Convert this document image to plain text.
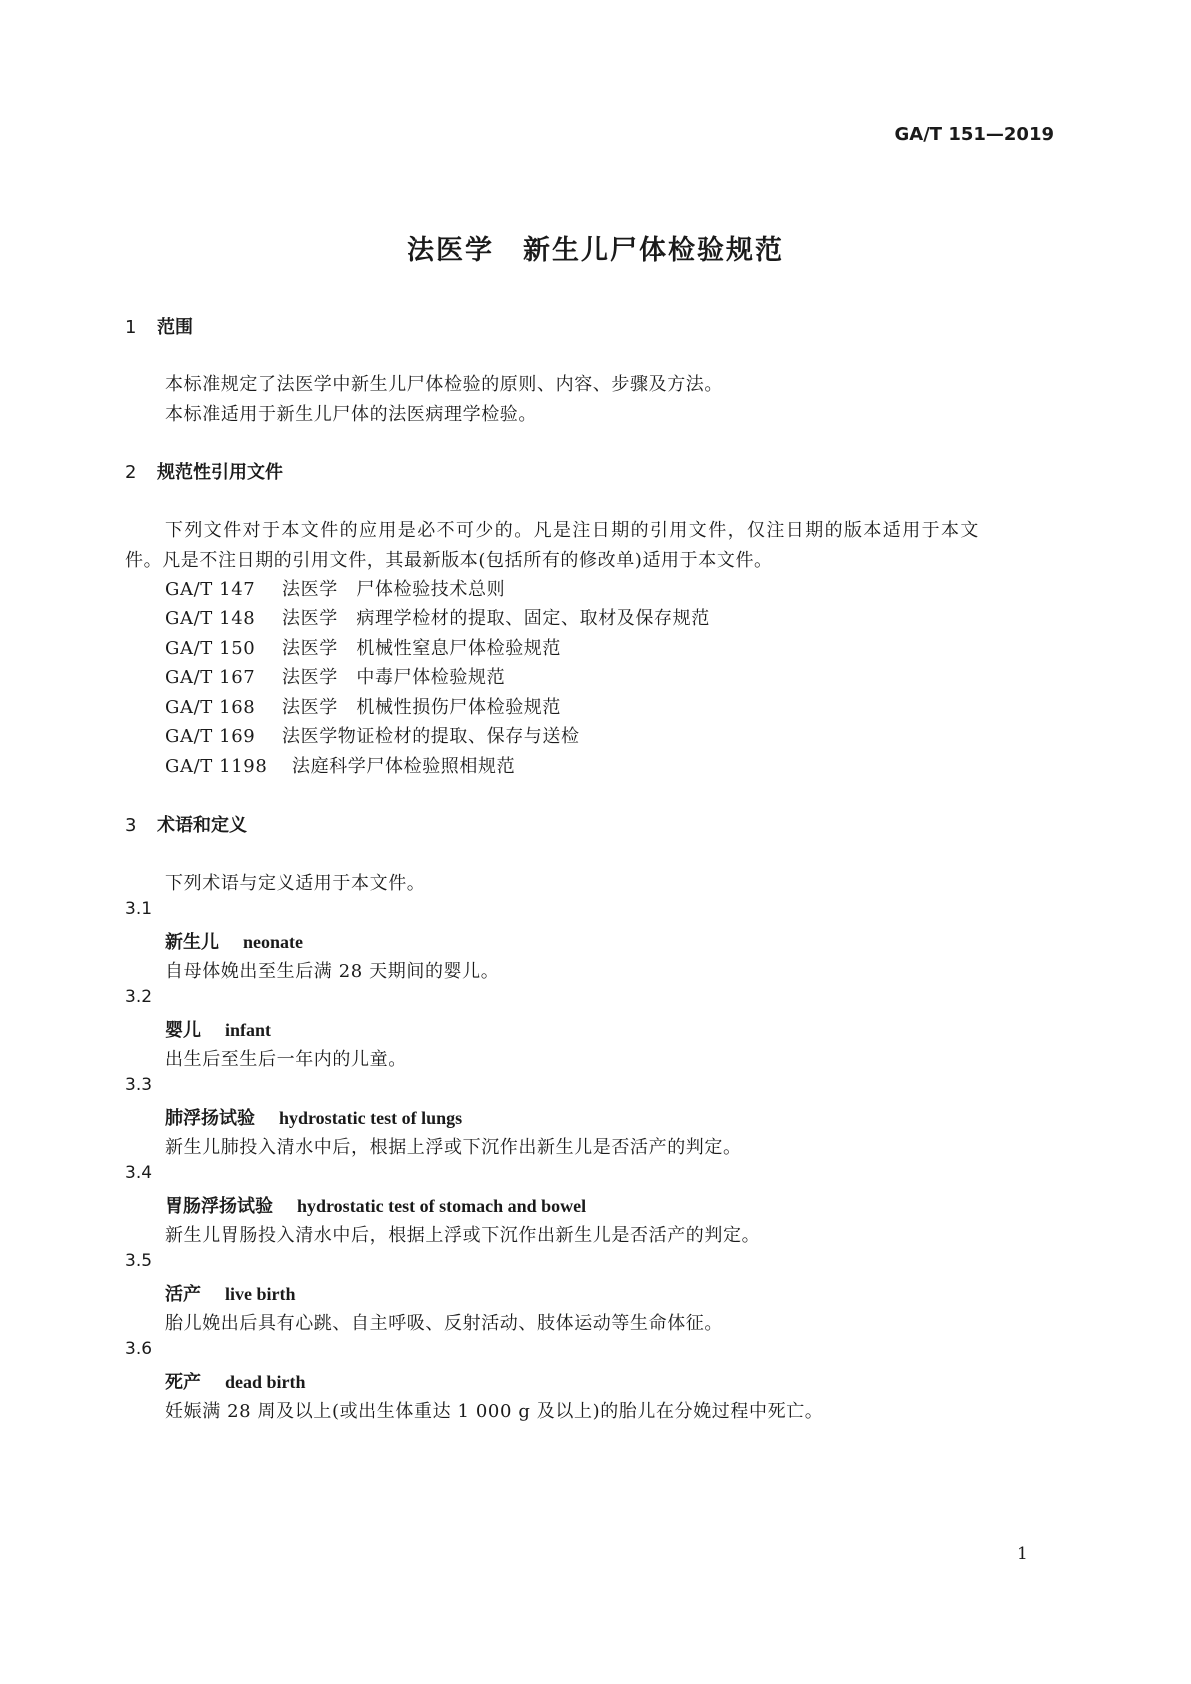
GA/T 151—2019
法医学　新生儿尸体检验规范
1 范围
本标准规定了法医学中新生儿尸体检验的原则、内容、步骤及方法。
本标准适用于新生儿尸体的法医病理学检验。
2 规范性引用文件
下列文件对于本文件的应用是必不可少的。凡是注日期的引用文件，仅注日期的版本适用于本文
件。凡是不注日期的引用文件，其最新版本(包括所有的修改单)适用于本文件。
GA/T 147 法医学　尸体检验技术总则
GA/T 148 法医学　病理学检材的提取、固定、取材及保存规范
GA/T 150 法医学　机械性窒息尸体检验规范
GA/T 167 法医学　中毒尸体检验规范
GA/T 168 法医学　机械性损伤尸体检验规范
GA/T 169 法医学物证检材的提取、保存与送检
GA/T 1198 法庭科学尸体检验照相规范
3 术语和定义
下列术语与定义适用于本文件。
3.1
新生儿 neonate
自母体娩出至生后满 28 天期间的婴儿。
3.2
婴儿 infant
出生后至生后一年内的儿童。
3.3
肺浮扬试验 hydrostatic test of lungs
新生儿肺投入清水中后，根据上浮或下沉作出新生儿是否活产的判定。
3.4
胃肠浮扬试验 hydrostatic test of stomach and bowel
新生儿胃肠投入清水中后，根据上浮或下沉作出新生儿是否活产的判定。
3.5
活产 live birth
胎儿娩出后具有心跳、自主呼吸、反射活动、肢体运动等生命体征。
3.6
死产 dead birth
妊娠满 28 周及以上(或出生体重达 1 000 g 及以上)的胎儿在分娩过程中死亡。
1
